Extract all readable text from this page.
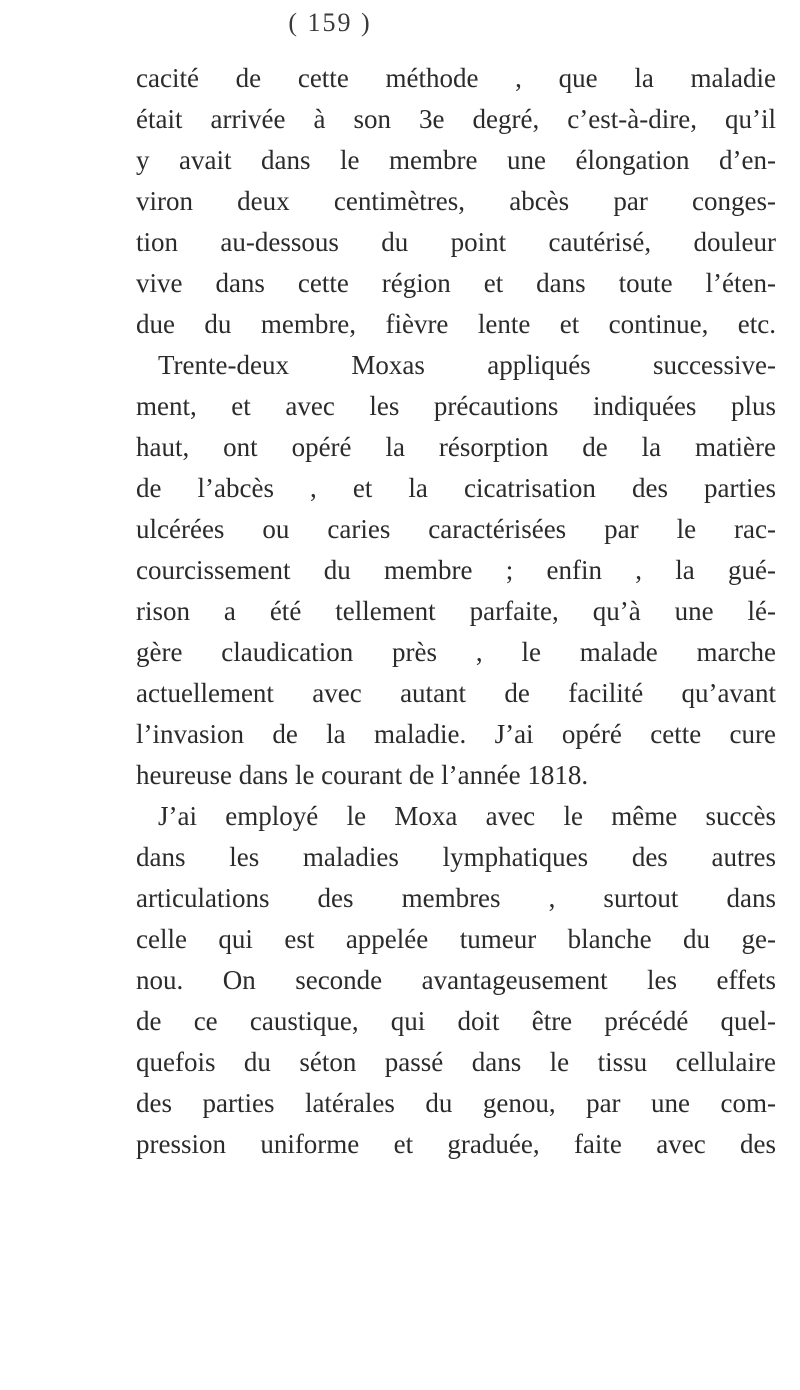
( 159 )
cacité de cette méthode , que la maladie
était arrivée à son 3e degré, c’est-à-dire, qu’il
y avait dans le membre une élongation d’en-
viron deux centimètres, abcès par conges-
tion au-dessous du point cautérisé, douleur
vive dans cette région et dans toute l’éten-
due du membre, fièvre lente et continue, etc.
Trente-deux Moxas appliqués successive-
ment, et avec les précautions indiquées plus
haut, ont opéré la résorption de la matière
de l’abcès , et la cicatrisation des parties
ulcérées ou caries caractérisées par le rac-
courcissement du membre ; enfin , la gué-
rison a été tellement parfaite, qu’à une lé-
gère claudication près , le malade marche
actuellement avec autant de facilité qu’avant
l’invasion de la maladie. J’ai opéré cette cure
heureuse dans le courant de l’année 1818.
J’ai employé le Moxa avec le même succès
dans les maladies lymphatiques des autres
articulations des membres , surtout dans
celle qui est appelée tumeur blanche du ge-
nou. On seconde avantageusement les effets
de ce caustique, qui doit être précédé quel-
quefois du séton passé dans le tissu cellulaire
des parties latérales du genou, par une com-
pression uniforme et graduée, faite avec des
